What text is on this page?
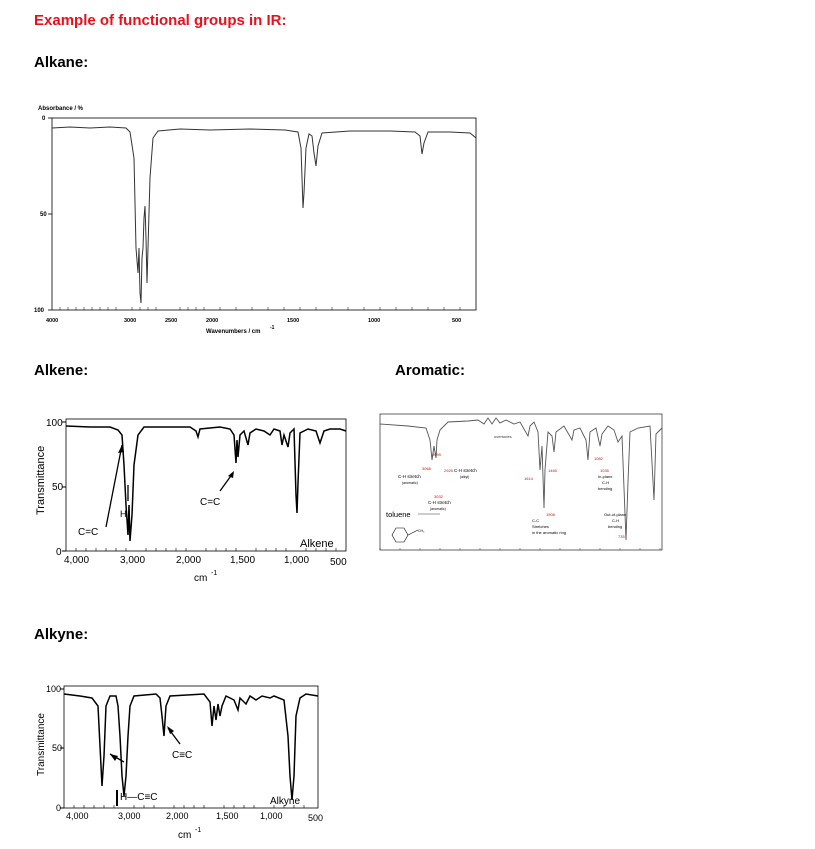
Example of functional groups in IR:
Alkane:
Alkene:	Aromatic:
Alkyne:
Absorbance / %
0
50
100
4000	3000	2500	2000	1500	1000	500
Wavenumbers / cm
-1
Transmittance
100
50
0
4,000	3,000	2,000	1,500	1,000 500
cm -1
H
C=C
C=C
Alkene
overtones
3099
3068	2925 C-H stretch
(alkyl)
C-H stretch
(aromatic)
3032
C-H stretch
(aromatic)
toluene
CH₃
1614
1465
1506
C-C
Stretches
in the aromatic ring
1082
1035
In-plane
C-H
bending
Out-of-plane
C-H
bending
735
Transmittance
100
50
0
4,000	3,000	2,000	1,500 1,000	500
cm -1
C≡C
H—C≡C	Alkyne
